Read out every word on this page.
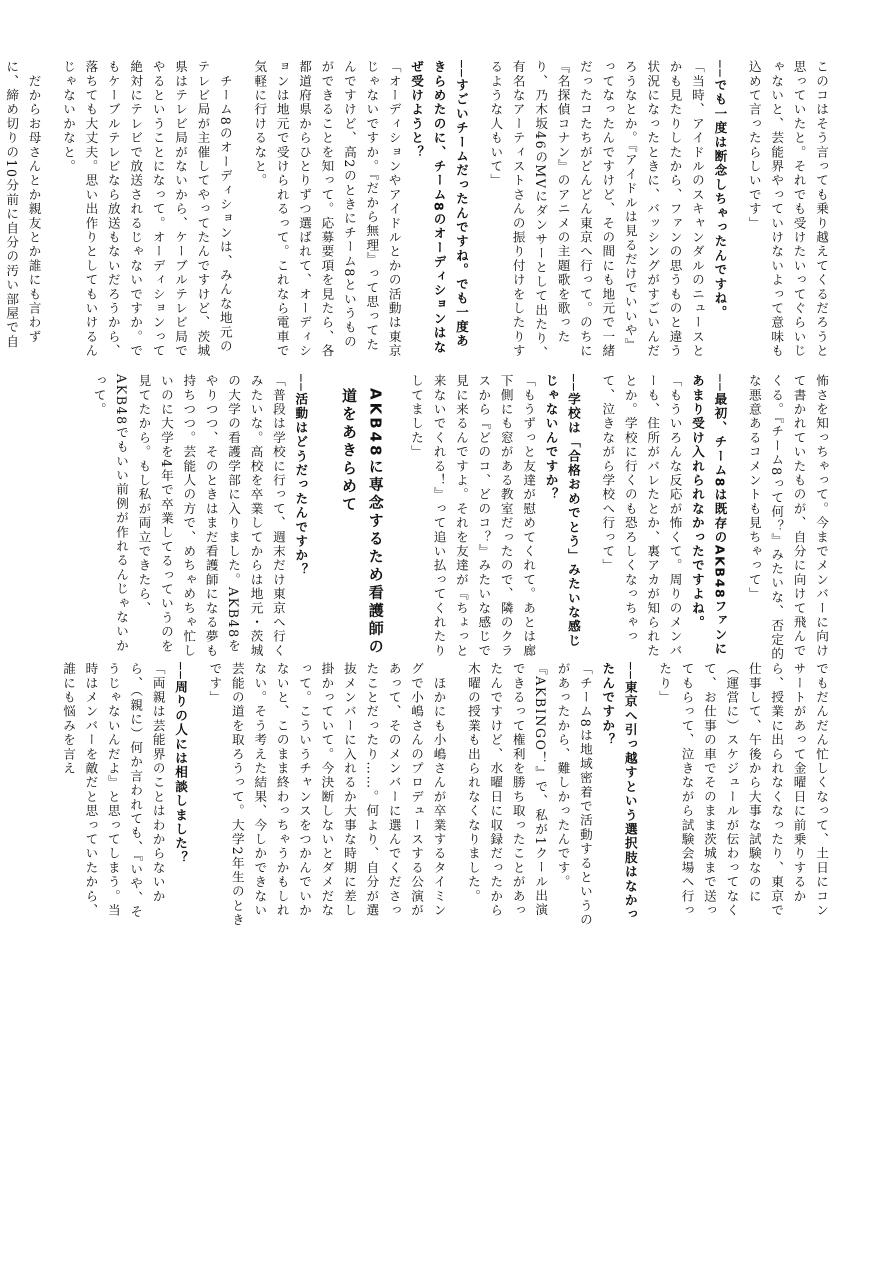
このコはそう言っても乗り越えてくるだろうと思っていたと。それでも受けたいってぐらいじゃないと、芸能界やっていけないよって意味も込めて言ったらしいです」

──でも一度は断念しちゃったんですね。

「当時、アイドルのスキャンダルのニュースとかも見たりしたから、ファンの思うものと違う状況になったときに、バッシングがすごいんだろうなとか。『アイドルは見るだけでいいや』ってなったんですけど、その間にも地元で一緒だったコたちがどんどん東京へ行って。のちに『名探偵コナン』のアニメの主題歌を歌ったり、乃木坂46のMVにダンサーとして出たり、有名なアーティストさんの振り付けをしたりするような人もいて」

──すごいチームだったんですね。でも一度あきらめたのに、チーム8のオーディションはなぜ受けようと？

「オーディションやアイドルとかの活動は東京じゃないですか。『だから無理』って思ってたんですけど、高2のときにチーム8というものができることを知って。応募要項を見たら、各都道府県からひとりずつ選ばれて、オーディションは地元で受けられるって。これなら電車で気軽に行けるなと。

　チーム8のオーディションは、みんな地元のテレビ局が主催してやってたんですけど、茨城県はテレビ局がないから、ケーブルテレビ局でやるということになって。オーディションって絶対にテレビで放送されるじゃないですか。でもケーブルテレビなら放送もないだろうから、落ちても大丈夫。思い出作りとしてもいけるんじゃないかなと。

　だからお母さんとか親友とか誰にも言わずに、締め切りの10分前に自分の汚い部屋で自

怖さを知っちゃって。今までメンバーに向けて書かれていたものが、自分に向けて飛んでくる。『チーム8って何？』みたいな、否定的な悪意あるコメントも見ちゃって」

──最初、チーム8は既存のAKB48ファンにあまり受け入れられなかったですよね。

「もういろんな反応が怖くて。周りのメンバーも、住所がバレたとか、裏アカが知られたとか。学校に行くのも恐ろしくなっちゃって、泣きながら学校へ行って」

──学校は「合格おめでとう」みたいな感じじゃないんですか？

「もうずっと友達が慰めてくれて。あとは廊下側にも窓がある教室だったので、隣のクラスから『どのコ、どのコ？』みたいな感じで見に来るんですよ。それを友達が『ちょっと来ないでくれる！』って追い払ってくれたりしてました」

AKB48に専念するため看護師の道をあきらめて

──活動はどうだったんですか？

「普段は学校に行って、週末だけ東京へ行くみたいな。高校を卒業してからは地元・茨城の大学の看護学部に入りました。AKB48をやりつつ、そのときはまだ看護師になる夢も持ちつつ。芸能人の方で、めちゃめちゃ忙しいのに大学を4年で卒業してるっていうのを見てたから。もし私が両立できたら、AKB48でもいい前例が作れるんじゃないかって。

でもだんだん忙しくなって、土日にコンサートがあって金曜日に前乗りするから、授業に出られなくなったり、東京で仕事して、午後から大事な試験なのに（運営に）スケジュールが伝わってなくて、お仕事の車でそのまま茨城まで送ってもらって、泣きながら試験会場へ行ったり」

──東京へ引っ越すという選択肢はなかったんですか？

「チーム8は地域密着で活動するというのがあったから、難しかったんです。『AKBINGO！』で、私が1クール出演できるって権利を勝ち取ったことがあったんですけど、水曜日に収録だったから木曜の授業も出られなくなりました。

　ほかにも小嶋さんが卒業するタイミングで小嶋さんのプロデュースする公演があって、そのメンバーに選んでくださったことだったり……。何より、自分が選抜メンバーに入れるか大事な時期に差し掛かっていて。今決断しないとダメだなって。こういうチャンスをつかんでいかないと、このまま終わっちゃうかもしれない。そう考えた結果、今しかできない芸能の道を取ろうって。大学2年生のときです」

──周りの人には相談しました？

「両親は芸能界のことはわからないから、（親に）何か言われても、『いや、そうじゃないんだよ』と思ってしまう。当時はメンバーを敵だと思っていたから、誰にも悩みを言え
